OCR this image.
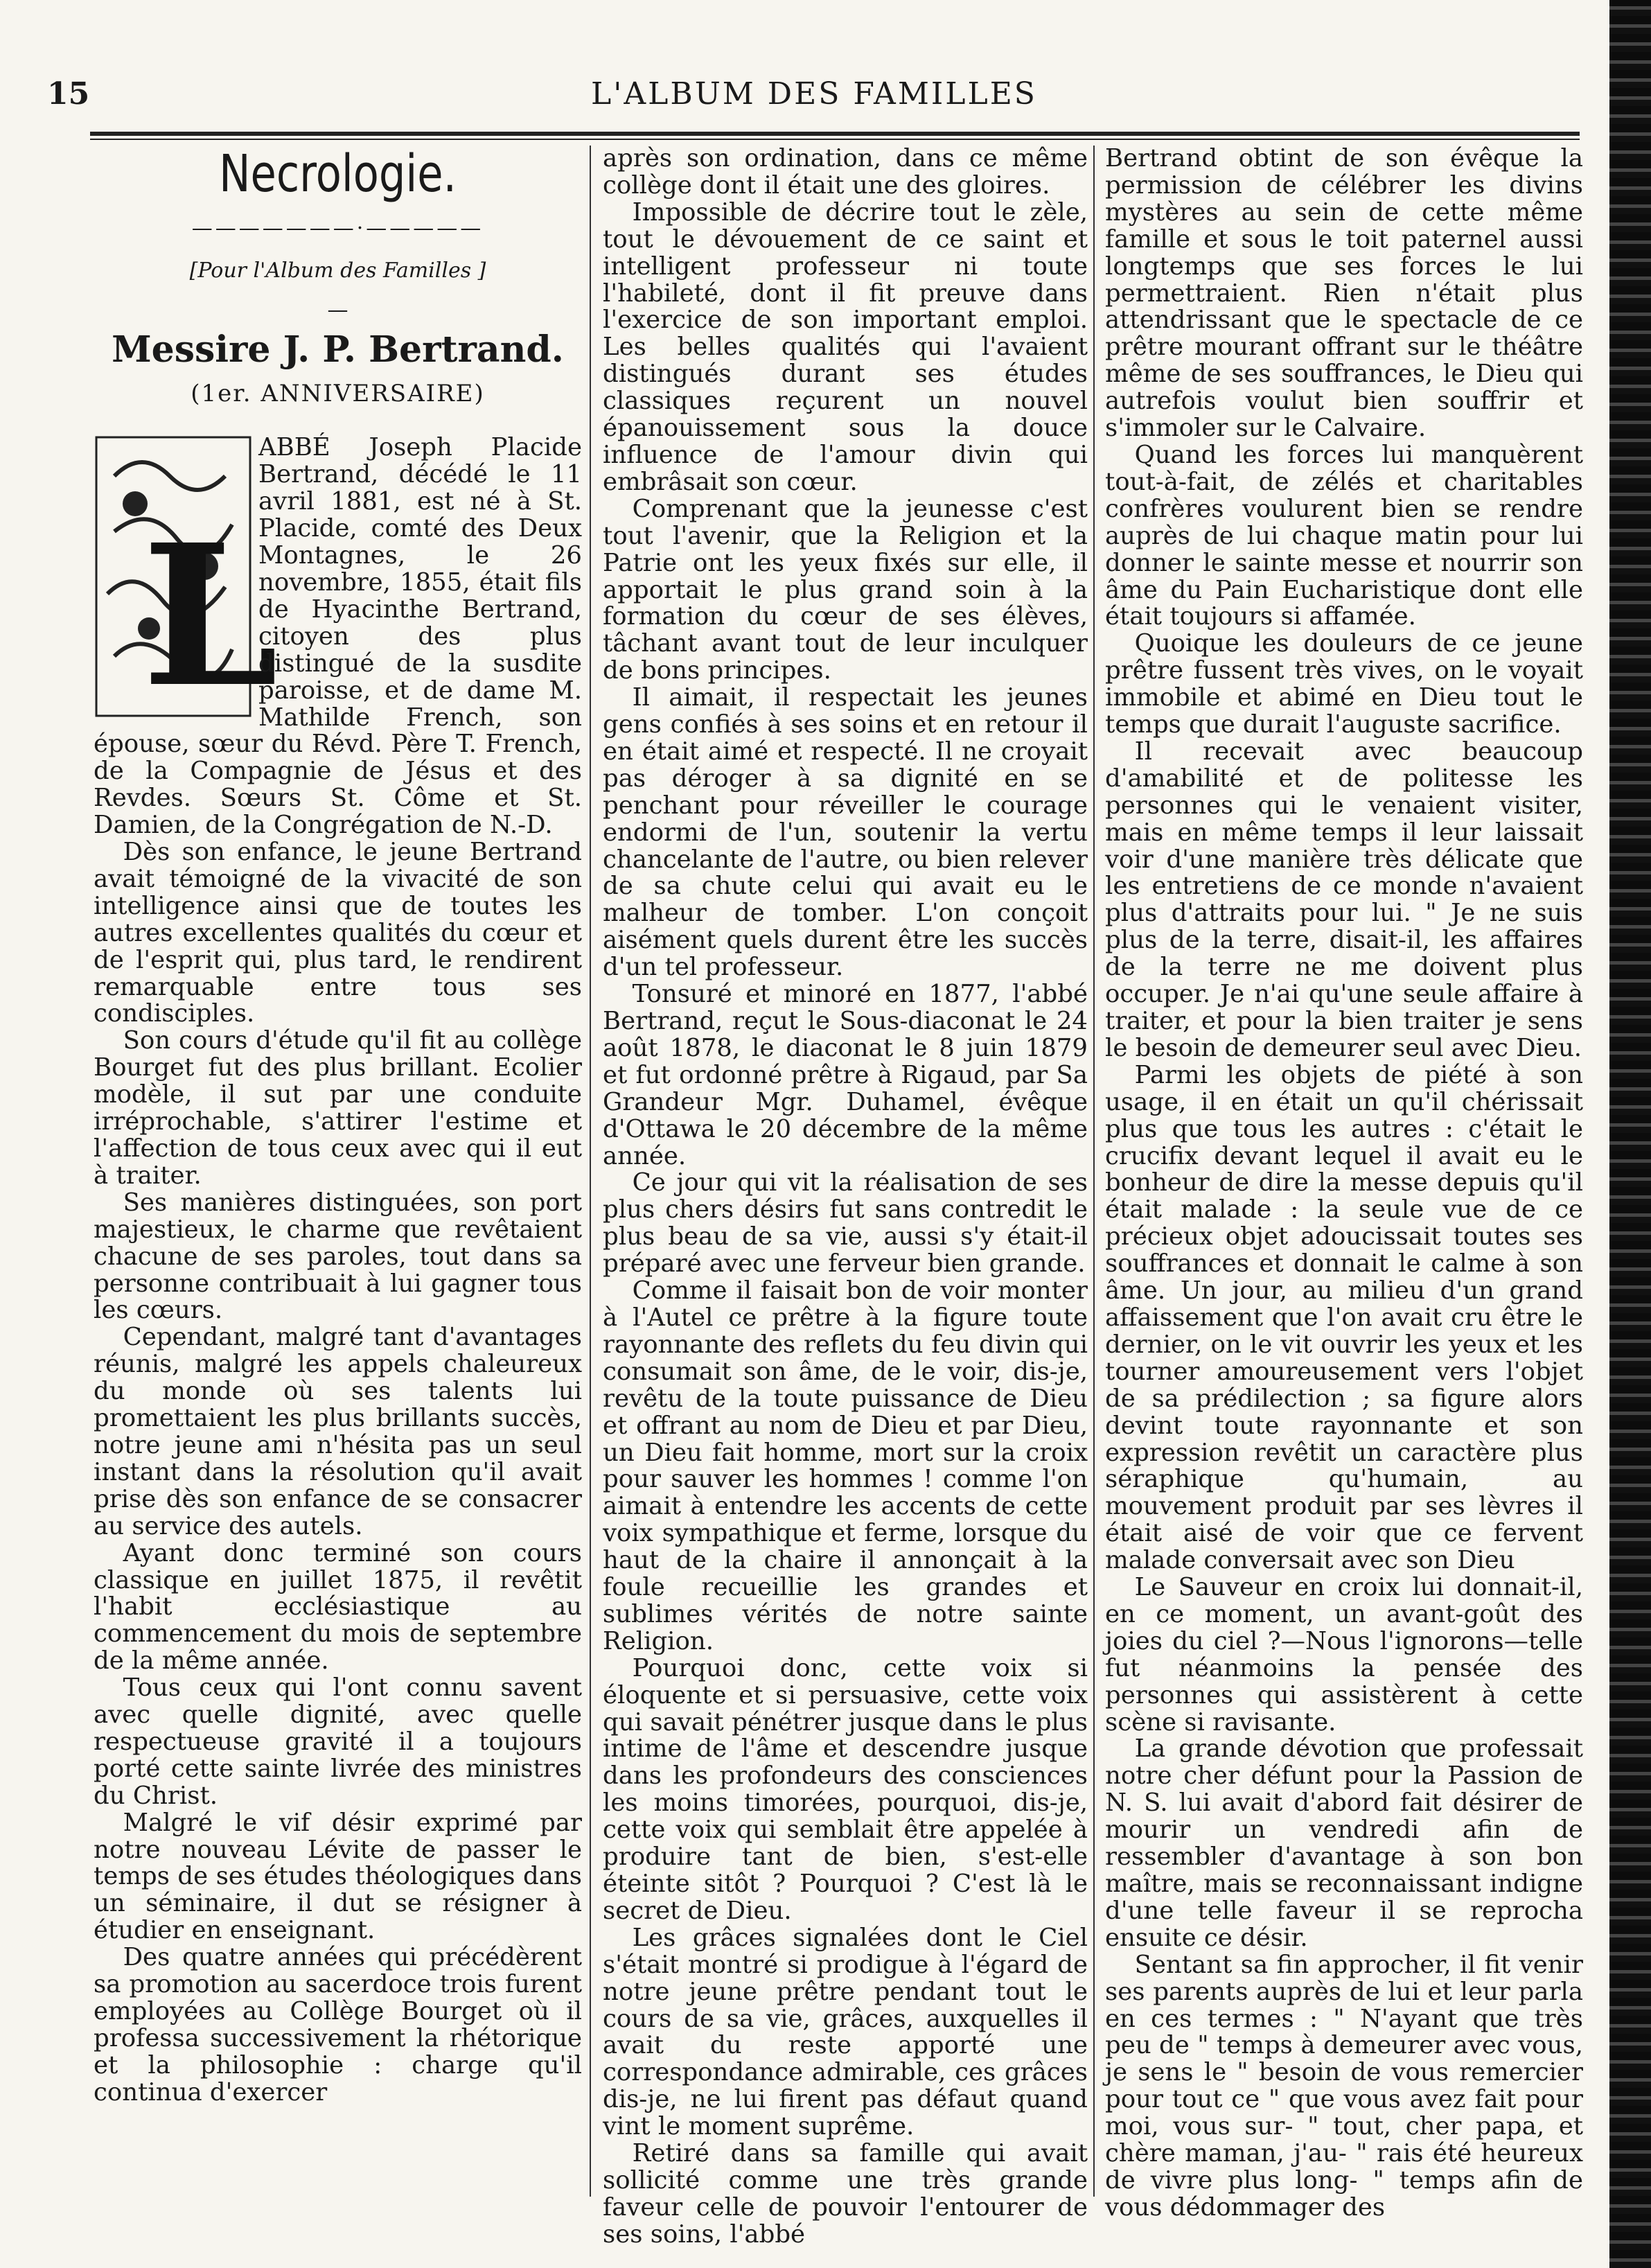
15	L'ALBUM DES FAMILLES
Necrologie.
———————·—————
[Pour l'Album des Familles ]
—
Messire J. P. Bertrand.
(1er. ANNIVERSAIRE)
L

ABBÉ Joseph Placide Bertrand, décédé le 11 avril 1881, est né à St. Placide, comté des Deux Montagnes, le 26 novembre, 1855, était fils de Hyacinthe Bertrand, citoyen des plus distingué de la susdite paroisse, et de dame M. Mathilde French, son épouse, sœur du Révd. Père T. French, de la Compagnie de Jésus et des Revdes. Sœurs St. Côme et St. Damien, de la Congrégation de N.-D.

Dès son enfance, le jeune Bertrand avait témoigné de la vivacité de son intelligence ainsi que de toutes les autres excellentes qualités du cœur et de l'esprit qui, plus tard, le rendirent remarquable entre tous ses condisciples.

Son cours d'étude qu'il fit au collège Bourget fut des plus brillant. Ecolier modèle, il sut par une conduite irréprochable, s'attirer l'estime et l'affection de tous ceux avec qui il eut à traiter.

Ses manières distinguées, son port majestieux, le charme que revêtaient chacune de ses paroles, tout dans sa personne contribuait à lui gagner tous les cœurs.

Cependant, malgré tant d'avantages réunis, malgré les appels chaleureux du monde où ses talents lui promettaient les plus brillants succès, notre jeune ami n'hésita pas un seul instant dans la résolution qu'il avait prise dès son enfance de se consacrer au service des autels.

Ayant donc terminé son cours classique en juillet 1875, il revêtit l'habit ecclésiastique au commencement du mois de septembre de la même année.

Tous ceux qui l'ont connu savent avec quelle dignité, avec quelle respectueuse gravité il a toujours porté cette sainte livrée des ministres du Christ.

Malgré le vif désir exprimé par notre nouveau Lévite de passer le temps de ses études théologiques dans un séminaire, il dut se résigner à étudier en enseignant.

Des quatre années qui précédèrent sa promotion au sacerdoce trois furent employées au Collège Bourget où il professa successivement la rhétorique et la philosophie : charge qu'il continua d'exercer

après son ordination, dans ce même collège dont il était une des gloires.

Impossible de décrire tout le zèle, tout le dévouement de ce saint et intelligent professeur ni toute l'habileté, dont il fit preuve dans l'exercice de son important emploi. Les belles qualités qui l'avaient distingués durant ses études classiques reçurent un nouvel épanouissement sous la douce influence de l'amour divin qui embrâsait son cœur.

Comprenant que la jeunesse c'est tout l'avenir, que la Religion et la Patrie ont les yeux fixés sur elle, il apportait le plus grand soin à la formation du cœur de ses élèves, tâchant avant tout de leur inculquer de bons principes.

Il aimait, il respectait les jeunes gens confiés à ses soins et en retour il en était aimé et respecté. Il ne croyait pas déroger à sa dignité en se penchant pour réveiller le courage endormi de l'un, soutenir la vertu chancelante de l'autre, ou bien relever de sa chute celui qui avait eu le malheur de tomber. L'on conçoit aisément quels durent être les succès d'un tel professeur.

Tonsuré et minoré en 1877, l'abbé Bertrand, reçut le Sous-diaconat le 24 août 1878, le diaconat le 8 juin 1879 et fut ordonné prêtre à Rigaud, par Sa Grandeur Mgr. Duhamel, évêque d'Ottawa le 20 décembre de la même année.

Ce jour qui vit la réalisation de ses plus chers désirs fut sans contredit le plus beau de sa vie, aussi s'y était-il préparé avec une ferveur bien grande.

Comme il faisait bon de voir monter à l'Autel ce prêtre à la figure toute rayonnante des reflets du feu divin qui consumait son âme, de le voir, dis-je, revêtu de la toute puissance de Dieu et offrant au nom de Dieu et par Dieu, un Dieu fait homme, mort sur la croix pour sauver les hommes ! comme l'on aimait à entendre les accents de cette voix sympathique et ferme, lorsque du haut de la chaire il annonçait à la foule recueillie les grandes et sublimes vérités de notre sainte Religion.

Pourquoi donc, cette voix si éloquente et si persuasive, cette voix qui savait pénétrer jusque dans le plus intime de l'âme et descendre jusque dans les profondeurs des consciences les moins timorées, pourquoi, dis-je, cette voix qui semblait être appelée à produire tant de bien, s'est-elle éteinte sitôt ? Pourquoi ? C'est là le secret de Dieu.

Les grâces signalées dont le Ciel s'était montré si prodigue à l'égard de notre jeune prêtre pendant tout le cours de sa vie, grâces, auxquelles il avait du reste apporté une correspondance admirable, ces grâces dis-je, ne lui firent pas défaut quand vint le moment suprême.

Retiré dans sa famille qui avait sollicité comme une très grande faveur celle de pouvoir l'entourer de ses soins, l'abbé

Bertrand obtint de son évêque la permission de célébrer les divins mystères au sein de cette même famille et sous le toit paternel aussi longtemps que ses forces le lui permettraient. Rien n'était plus attendrissant que le spectacle de ce prêtre mourant offrant sur le théâtre même de ses souffrances, le Dieu qui autrefois voulut bien souffrir et s'immoler sur le Calvaire.

Quand les forces lui manquèrent tout-à-fait, de zélés et charitables confrères voulurent bien se rendre auprès de lui chaque matin pour lui donner le sainte messe et nourrir son âme du Pain Eucharistique dont elle était toujours si affamée.

Quoique les douleurs de ce jeune prêtre fussent très vives, on le voyait immobile et abimé en Dieu tout le temps que durait l'auguste sacrifice.

Il recevait avec beaucoup d'amabilité et de politesse les personnes qui le venaient visiter, mais en même temps il leur laissait voir d'une manière très délicate que les entretiens de ce monde n'avaient plus d'attraits pour lui. " Je ne suis plus de la terre, disait-il, les affaires de la terre ne me doivent plus occuper. Je n'ai qu'une seule affaire à traiter, et pour la bien traiter je sens le besoin de demeurer seul avec Dieu.

Parmi les objets de piété à son usage, il en était un qu'il chérissait plus que tous les autres : c'était le crucifix devant lequel il avait eu le bonheur de dire la messe depuis qu'il était malade : la seule vue de ce précieux objet adoucissait toutes ses souffrances et donnait le calme à son âme. Un jour, au milieu d'un grand affaissement que l'on avait cru être le dernier, on le vit ouvrir les yeux et les tourner amoureusement vers l'objet de sa prédilection ; sa figure alors devint toute rayonnante et son expression revêtit un caractère plus séraphique qu'humain, au mouvement produit par ses lèvres il était aisé de voir que ce fervent malade conversait avec son Dieu

Le Sauveur en croix lui donnait-il, en ce moment, un avant-goût des joies du ciel ?—Nous l'ignorons—telle fut néanmoins la pensée des personnes qui assistèrent à cette scène si ravisante.

La grande dévotion que professait notre cher défunt pour la Passion de N. S. lui avait d'abord fait désirer de mourir un vendredi afin de ressembler d'avantage à son bon maître, mais se reconnaissant indigne d'une telle faveur il se reprocha ensuite ce désir.

Sentant sa fin approcher, il fit venir ses parents auprès de lui et leur parla en ces termes : " N'ayant que très peu de " temps à demeurer avec vous, je sens le " besoin de vous remercier pour tout ce " que vous avez fait pour moi, vous sur- " tout, cher papa, et chère maman, j'au- " rais été heureux de vivre plus long- " temps afin de vous dédommager des
